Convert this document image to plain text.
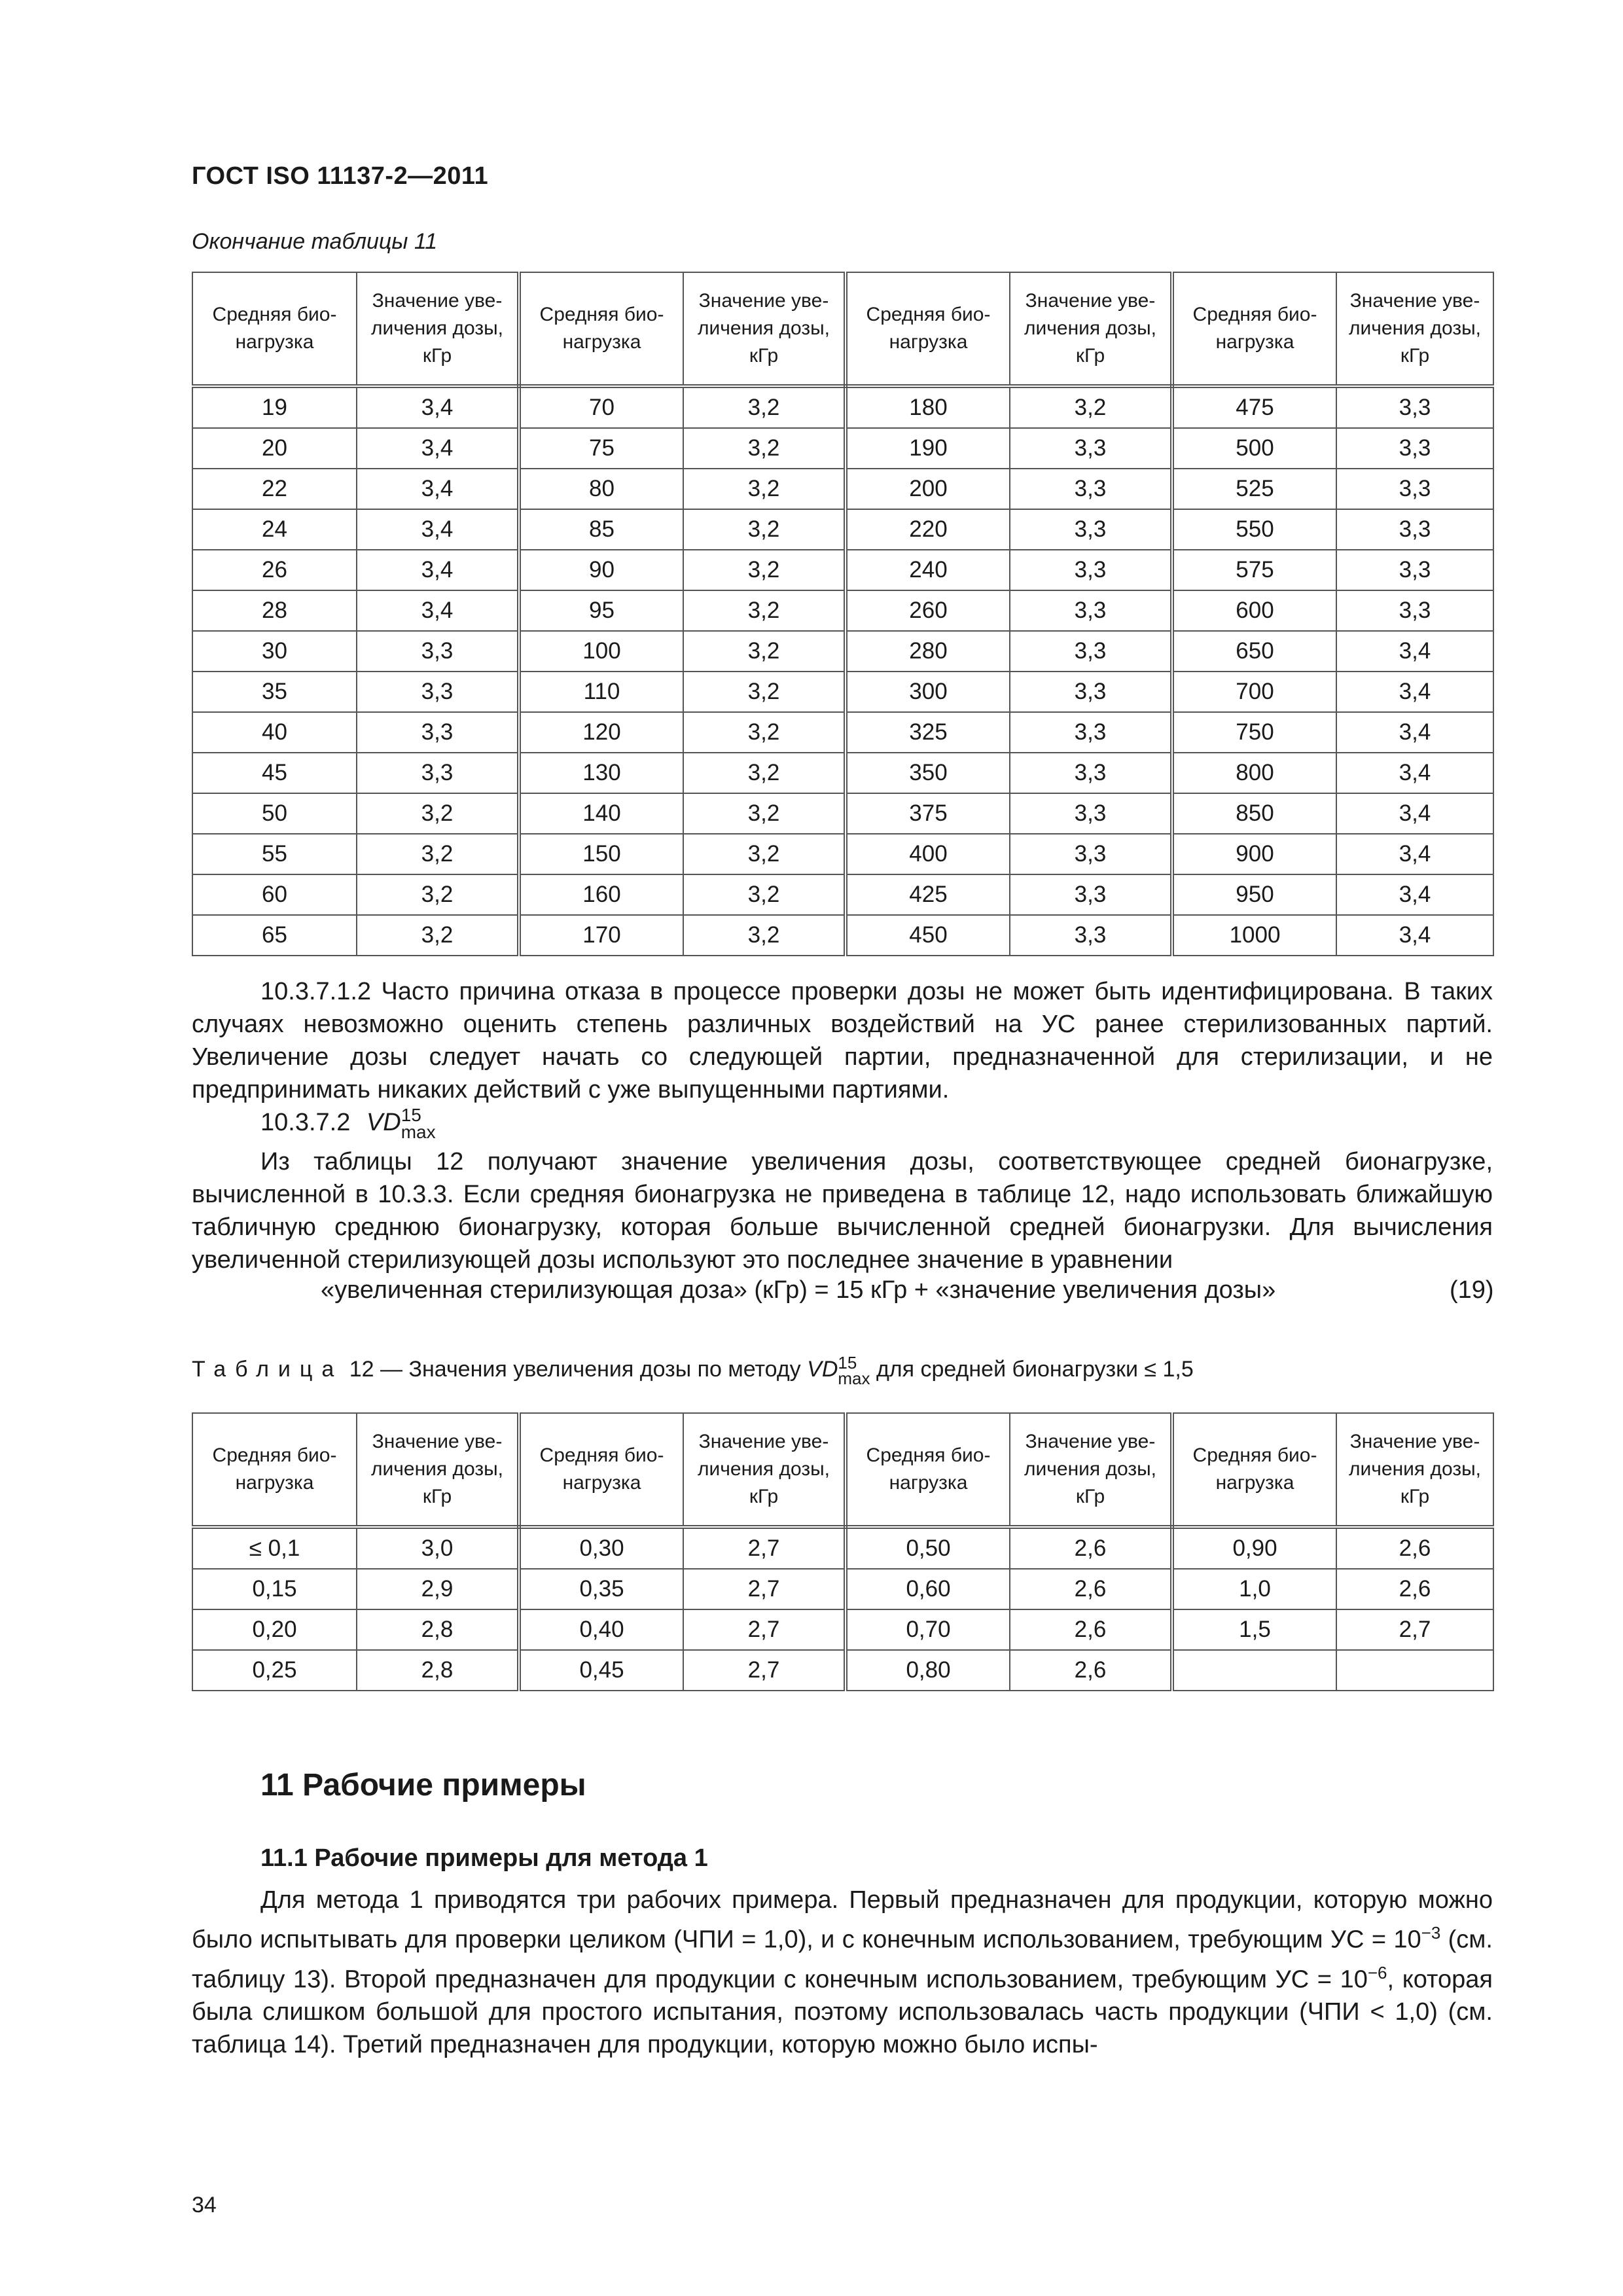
ГОСТ ISO 11137-2—2011
Окончание таблицы 11
Средняя био-нагрузка	Значение уве-личения дозы, кГр	Средняя био-нагрузка	Значение уве-личения дозы, кГр	Средняя био-нагрузка	Значение уве-личения дозы, кГр	Средняя био-нагрузка	Значение уве-личения дозы, кГр
19	3,4	70	3,2	180	3,2	475	3,3
20	3,4	75	3,2	190	3,3	500	3,3
22	3,4	80	3,2	200	3,3	525	3,3
24	3,4	85	3,2	220	3,3	550	3,3
26	3,4	90	3,2	240	3,3	575	3,3
28	3,4	95	3,2	260	3,3	600	3,3
30	3,3	100	3,2	280	3,3	650	3,4
35	3,3	110	3,2	300	3,3	700	3,4
40	3,3	120	3,2	325	3,3	750	3,4
45	3,3	130	3,2	350	3,3	800	3,4
50	3,2	140	3,2	375	3,3	850	3,4
55	3,2	150	3,2	400	3,3	900	3,4
60	3,2	160	3,2	425	3,3	950	3,4
65	3,2	170	3,2	450	3,3	1000	3,4
10.3.7.1.2 Часто причина отказа в процессе проверки дозы не может быть идентифицирована. В таких случаях невозможно оценить степень различных воздействий на УС ранее стерилизованных партий. Увеличение дозы следует начать со следующей партии, предназначенной для стерилизации, и не предпринимать никаких действий с уже выпущенными партиями.
10.3.7.2 VD 15
max
Из таблицы 12 получают значение увеличения дозы, соответствующее средней бионагрузке, вычисленной в 10.3.3. Если средняя бионагрузка не приведена в таблице 12, надо использовать ближайшую табличную среднюю бионагрузку, которая больше вычисленной средней бионагрузки. Для вычисления увеличенной стерилизующей дозы используют это последнее значение в уравнении
«увеличенная стерилизующая доза» (кГр) = 15 кГр + «значение увеличения дозы»	(19)
Таблица 12 — Значения увеличения дозы по методу VD 15
max для средней бионагрузки ≤ 1,5
Средняя био-нагрузка	Значение уве-личения дозы, кГр	Средняя био-нагрузка	Значение уве-личения дозы, кГр	Средняя био-нагрузка	Значение уве-личения дозы, кГр	Средняя био-нагрузка	Значение уве-личения дозы, кГр
≤ 0,1	3,0	0,30	2,7	0,50	2,6	0,90	2,6
0,15	2,9	0,35	2,7	0,60	2,6	1,0	2,6
0,20	2,8	0,40	2,7	0,70	2,6	1,5	2,7
0,25	2,8	0,45	2,7	0,80	2,6		
11 Рабочие примеры
11.1 Рабочие примеры для метода 1
Для метода 1 приводятся три рабочих примера. Первый предназначен для продукции, которую можно было испытывать для проверки целиком (ЧПИ = 1,0), и с конечным использованием, требующим УС = $10^{-3}$ (см. таблицу 13). Второй предназначен для продукции с конечным использованием, требующим УС = $10^{-6}$, которая была слишком большой для простого испытания, поэтому использовалась часть продукции (ЧПИ < 1,0) (см. таблица 14). Третий предназначен для продукции, которую можно было испы-
34
